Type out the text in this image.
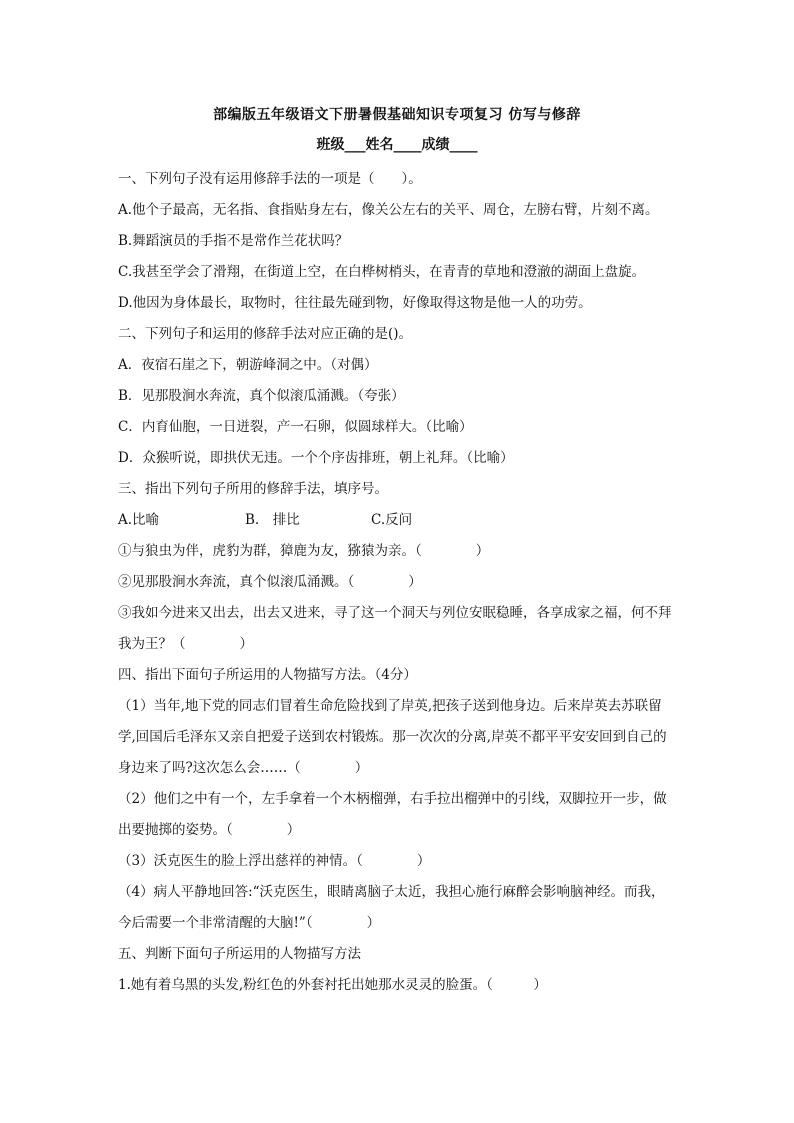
部编版五年级语文下册暑假基础知识专项复习 仿写与修辞
班级___姓名____成绩____
一、下列句子没有运用修辞手法的一项是（　　）。
A.他个子最高，无名指、食指贴身左右，像关公左右的关平、周仓，左膀右臂，片刻不离。
B.舞蹈演员的手指不是常作兰花状吗？
C.我甚至学会了滑翔，在街道上空，在白桦树梢头，在青青的草地和澄澈的湖面上盘旋。
D.他因为身体最长，取物时，往往最先碰到物，好像取得这物是他一人的功劳。
二、下列句子和运用的修辞手法对应正确的是()。
A．夜宿石崖之下，朝游峰洞之中。（对偶）
B．见那股涧水奔流，真个似滚瓜涌溅。（夸张）
C．内育仙胞，一日迸裂，产一石卵，似圆球样大。（比喻）
D．众猴听说，即拱伏无违。一个个序齿排班，朝上礼拜。（比喻）
三、指出下列句子所用的修辞手法，填序号。
A.比喻	B.　排比	C.反问
①与狼虫为伴，虎豹为群，獐鹿为友，猕猿为亲。（　　　　）
②见那股涧水奔流，真个似滚瓜涌溅。（　　　　）
③我如今进来又出去，出去又进来，寻了这一个洞天与列位安眠稳睡，各享成家之福，何不拜我为王？（　　　　）
四、指出下面句子所运用的人物描写方法。（4分）
（1）当年,地下党的同志们冒着生命危险找到了岸英,把孩子送到他身边。后来岸英去苏联留学,回国后毛泽东又亲自把爱子送到农村锻炼。那一次次的分离,岸英不都平平安安回到自己的身边来了吗?这次怎么会……（　　　　）
（2）他们之中有一个，左手拿着一个木柄榴弹，右手拉出榴弹中的引线，双脚拉开一步，做出要抛掷的姿势。（　　　　）
（3）沃克医生的脸上浮出慈祥的神情。（　　　　）
（4）病人平静地回答:“沃克医生，眼睛离脑子太近，我担心施行麻醉会影响脑神经。而我，今后需要一个非常清醒的大脑!”（　　　　）
五、判断下面句子所运用的人物描写方法
1.她有着乌黑的头发,粉红色的外套衬托出她那水灵灵的脸蛋。（　　　）
